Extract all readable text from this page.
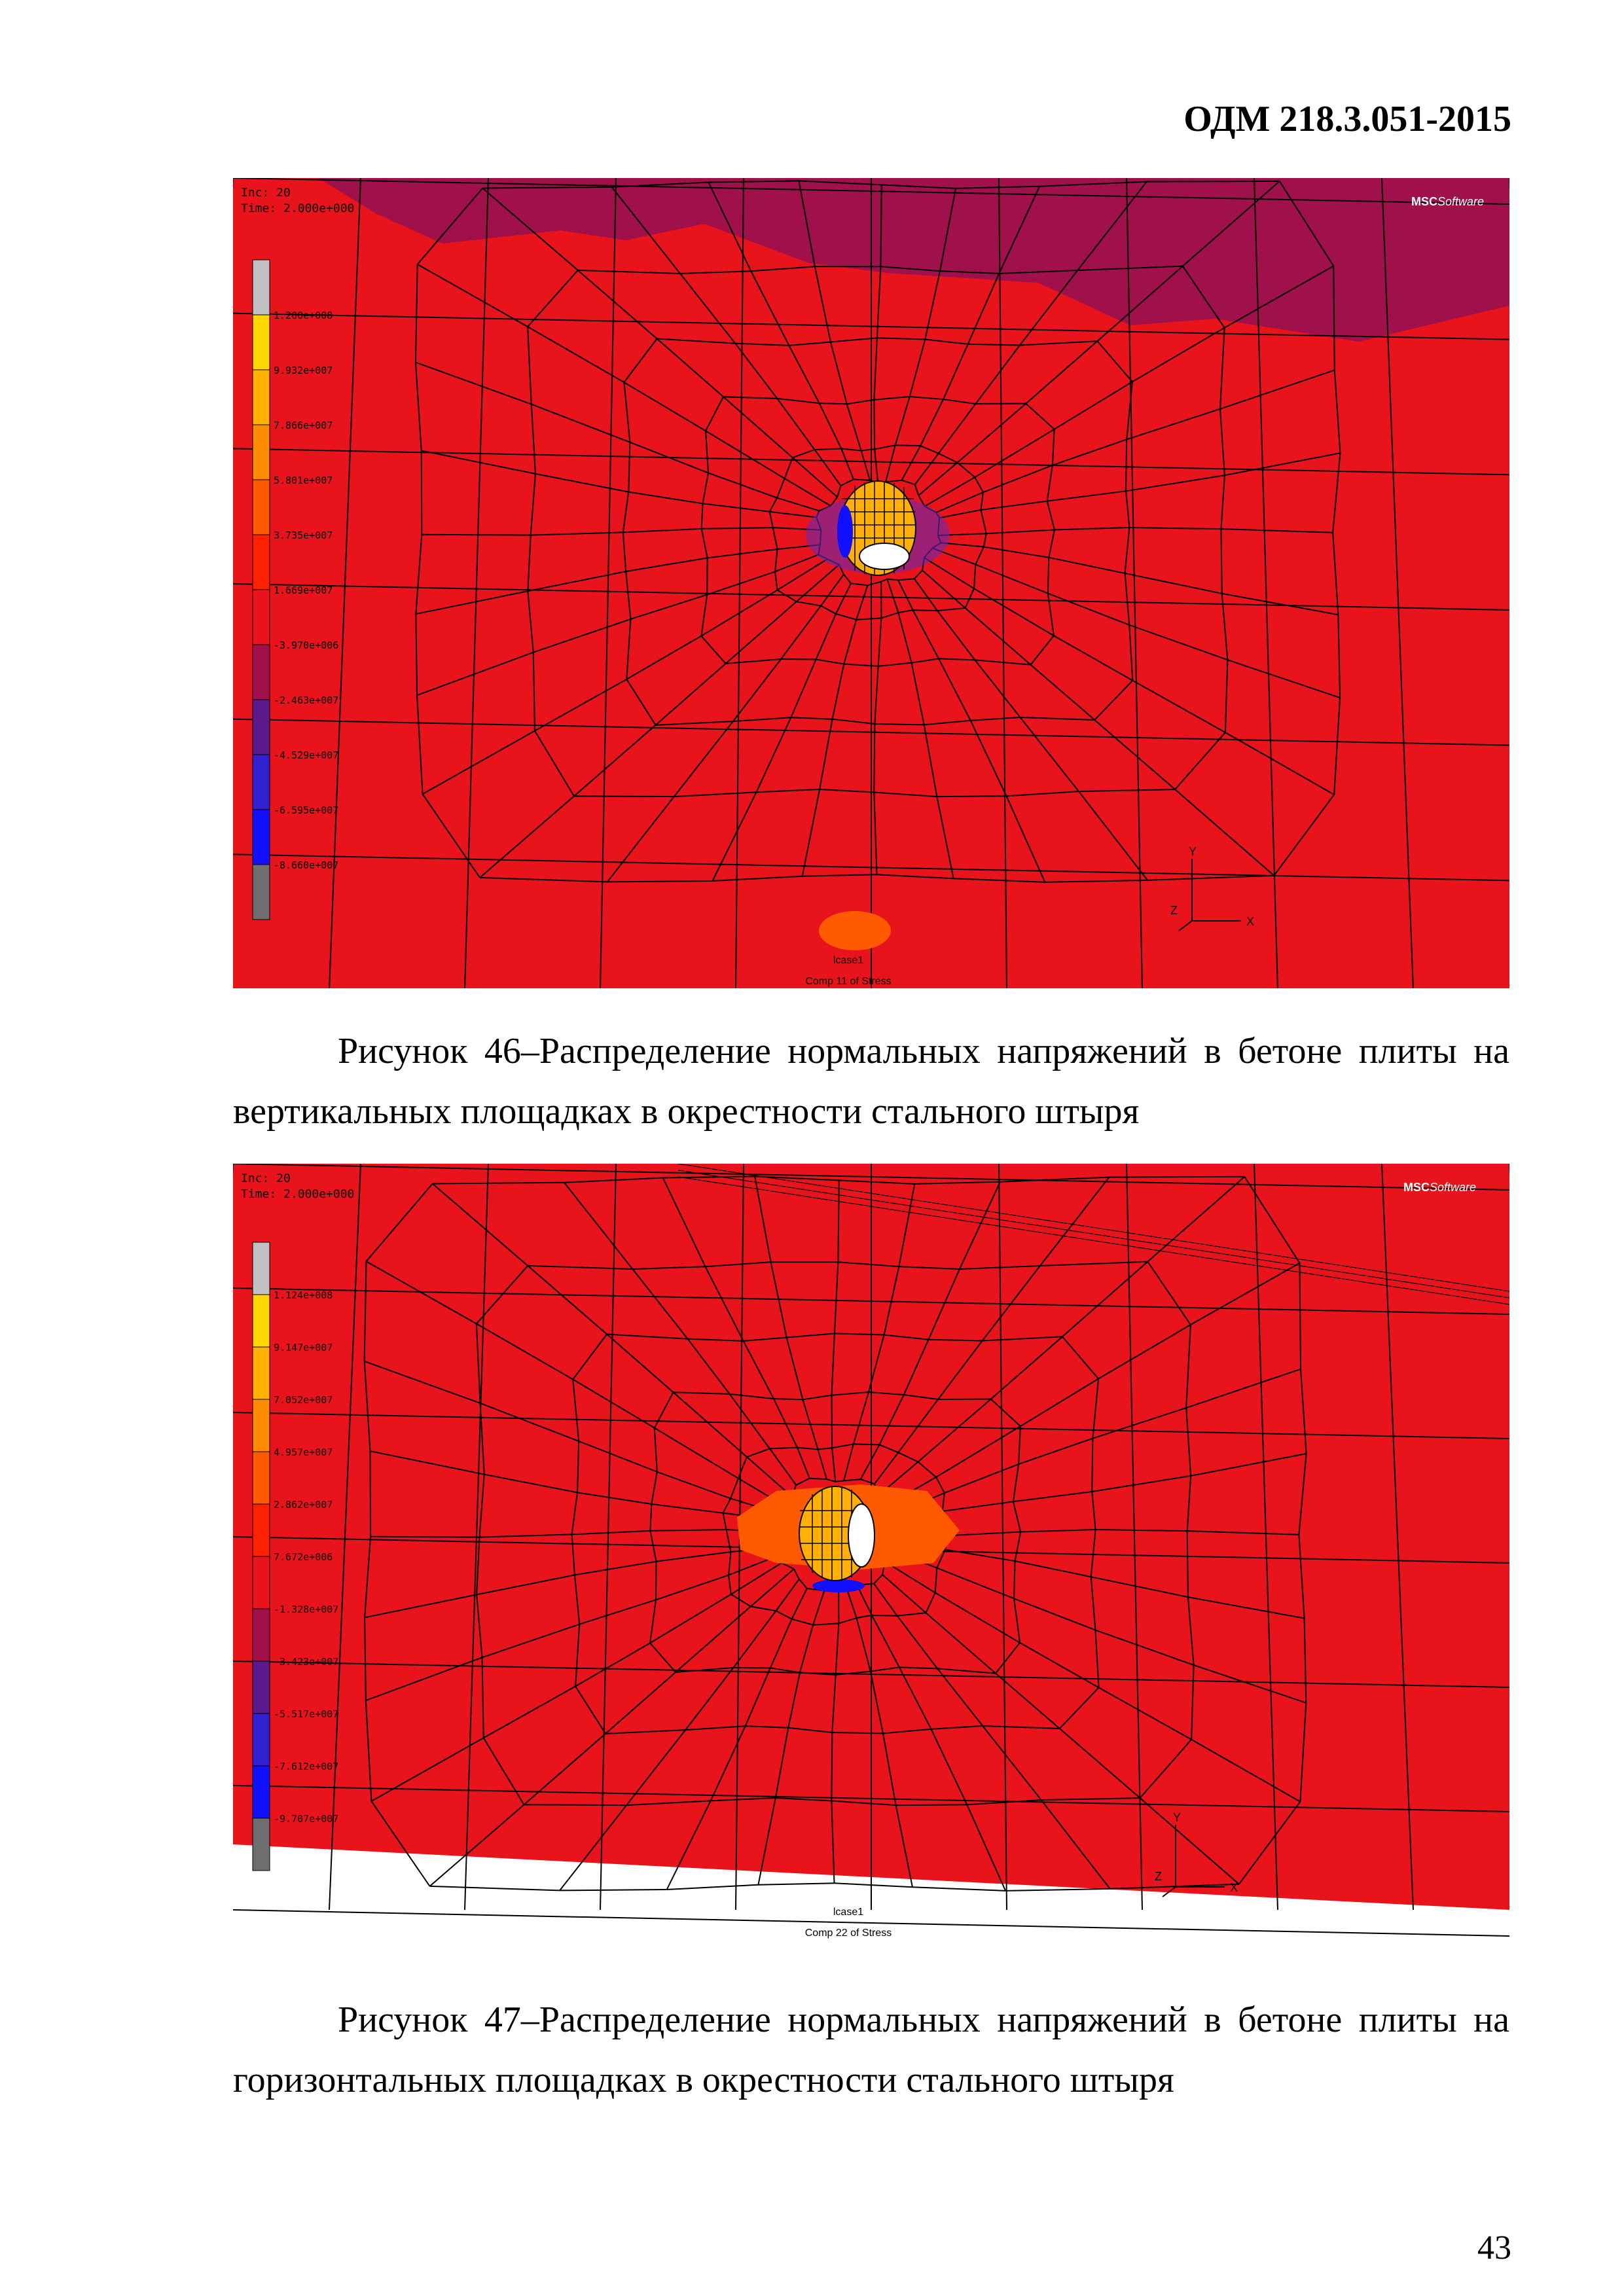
ОДМ 218.3.051-2015
1.200e+008
9.932e+007
7.866e+007
5.801e+007
3.735e+007
1.669e+007
-3.970e+006
-2.463e+007
-4.529e+007
-6.595e+007
-8.660e+007
Inc: 20
Time: 2.000e+000	MSC Software
X
Y
Z
lcase1
Comp 11 of Stress
Рисунок 46–Распределение нормальных напряжений в бетоне плиты на
вертикальных площадках в окрестности стального штыря
1.124e+008
9.147e+007
7.052e+007
4.957e+007
2.862e+007
7.672e+006
-1.328e+007
-3.423e+007
-5.517e+007
-7.612e+007
-9.707e+007
Inc: 20
Time: 2.000e+000	MSC Software
X
Y
Z
lcase1
Comp 22 of Stress
Рисунок 47–Распределение нормальных напряжений в бетоне плиты на
горизонтальных площадках в окрестности стального штыря
43
